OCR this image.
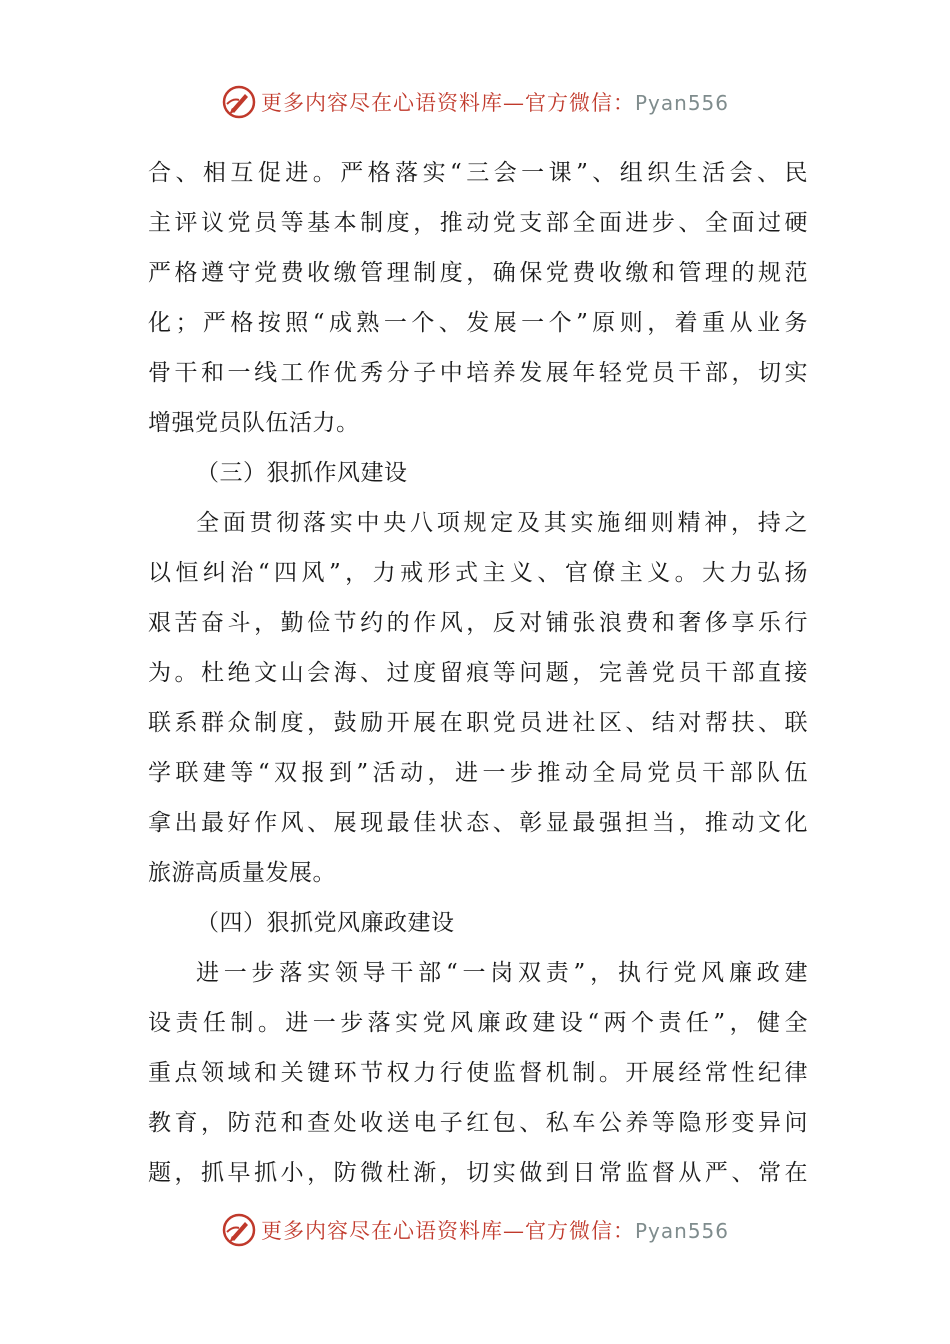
更多内容尽在心语资料库—官方微信：Pyan556
合、相互促进。严格落实“三会一课”、组织生活会、民
主评议党员等基本制度，推动党支部全面进步、全面过硬
严格遵守党费收缴管理制度，确保党费收缴和管理的规范
化；严格按照“成熟一个、发展一个”原则，着重从业务
骨干和一线工作优秀分子中培养发展年轻党员干部，切实
增强党员队伍活力。
（三）狠抓作风建设
全面贯彻落实中央八项规定及其实施细则精神，持之
以恒纠治“四风”，力戒形式主义、官僚主义。大力弘扬
艰苦奋斗，勤俭节约的作风，反对铺张浪费和奢侈享乐行
为。杜绝文山会海、过度留痕等问题，完善党员干部直接
联系群众制度，鼓励开展在职党员进社区、结对帮扶、联
学联建等“双报到”活动，进一步推动全局党员干部队伍
拿出最好作风、展现最佳状态、彰显最强担当，推动文化
旅游高质量发展。
（四）狠抓党风廉政建设
进一步落实领导干部“一岗双责”，执行党风廉政建
设责任制。进一步落实党风廉政建设“两个责任”，健全
重点领域和关键环节权力行使监督机制。开展经常性纪律
教育，防范和查处收送电子红包、私车公养等隐形变异问
题，抓早抓小，防微杜渐，切实做到日常监督从严、常在
更多内容尽在心语资料库—官方微信：Pyan556
